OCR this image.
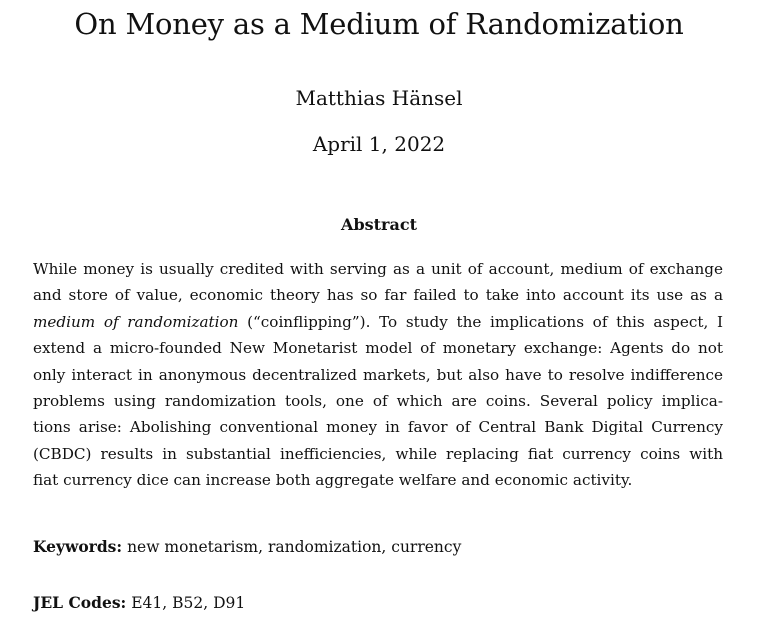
On Money as a Medium of Randomization
Matthias Hänsel
April 1, 2022
Abstract
While money is usually credited with serving as a unit of account, medium of exchange
and store of value, economic theory has so far failed to take into account its use as a
medium of randomization (“coinflipping”). To study the implications of this aspect, I
extend a micro-founded New Monetarist model of monetary exchange: Agents do not
only interact in anonymous decentralized markets, but also have to resolve indifference
problems using randomization tools, one of which are coins. Several policy implica-
tions arise: Abolishing conventional money in favor of Central Bank Digital Currency
(CBDC) results in substantial inefficiencies, while replacing fiat currency coins with
fiat currency dice can increase both aggregate welfare and economic activity.
Keywords: new monetarism, randomization, currency
JEL Codes: E41, B52, D91
